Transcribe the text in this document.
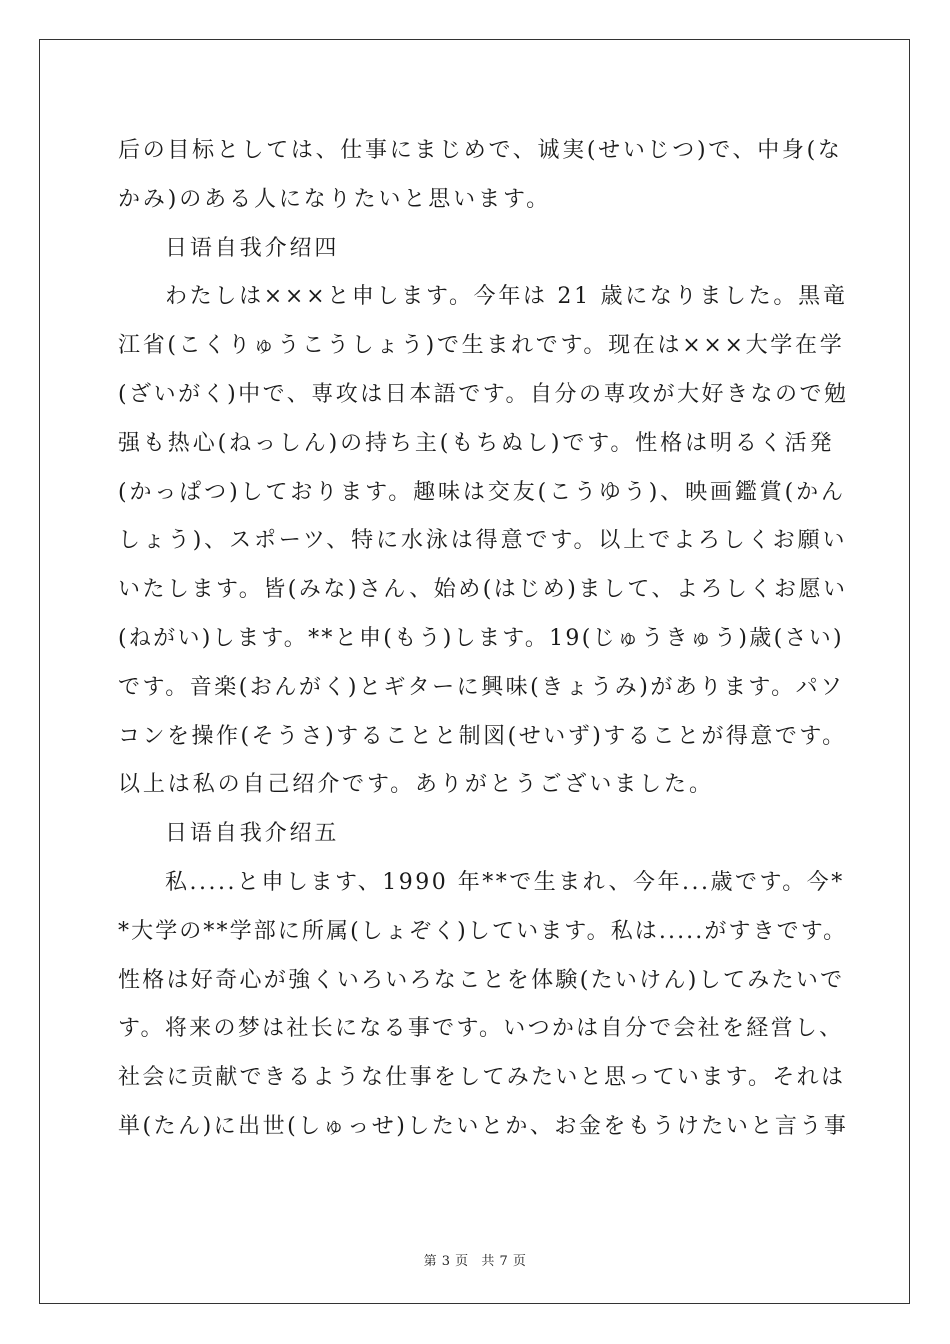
后の目标としては、仕事にまじめで、诚実(せいじつ)で、中身(な
かみ)のある人になりたいと思います。
日语自我介绍四
わたしは×××と申します。今年は 21 歳になりました。黒竜
江省(こくりゅうこうしょう)で生まれです。现在は×××大学在学
(ざいがく)中で、専攻は日本語です。自分の専攻が大好きなので勉
强も热心(ねっしん)の持ち主(もちぬし)です。性格は明るく活発
(かっぱつ)しております。趣味は交友(こうゆう)、映画鑑賞(かん
しょう)、スポーツ、特に水泳は得意です。以上でよろしくお願い
いたします。皆(みな)さん、始め(はじめ)まして、よろしくお愿い
(ねがい)します。**と申(もう)します。19(じゅうきゅう)歳(さい)
です。音楽(おんがく)とギターに興味(きょうみ)があります。パソ
コンを操作(そうさ)することと制図(せいず)することが得意です。
以上は私の自己绍介です。ありがとうございました。
日语自我介绍五
私.....と申します、1990 年**で生まれ、今年...歳です。今*
*大学の**学部に所属(しょぞく)しています。私は.....がすきです。
性格は好奇心が強くいろいろなことを体験(たいけん)してみたいで
す。将来の梦は社长になる事です。いつかは自分で会社を経営し、
社会に贡献できるような仕事をしてみたいと思っています。それは
単(たん)に出世(しゅっせ)したいとか、お金をもうけたいと言う事
第 3 页 共 7 页
